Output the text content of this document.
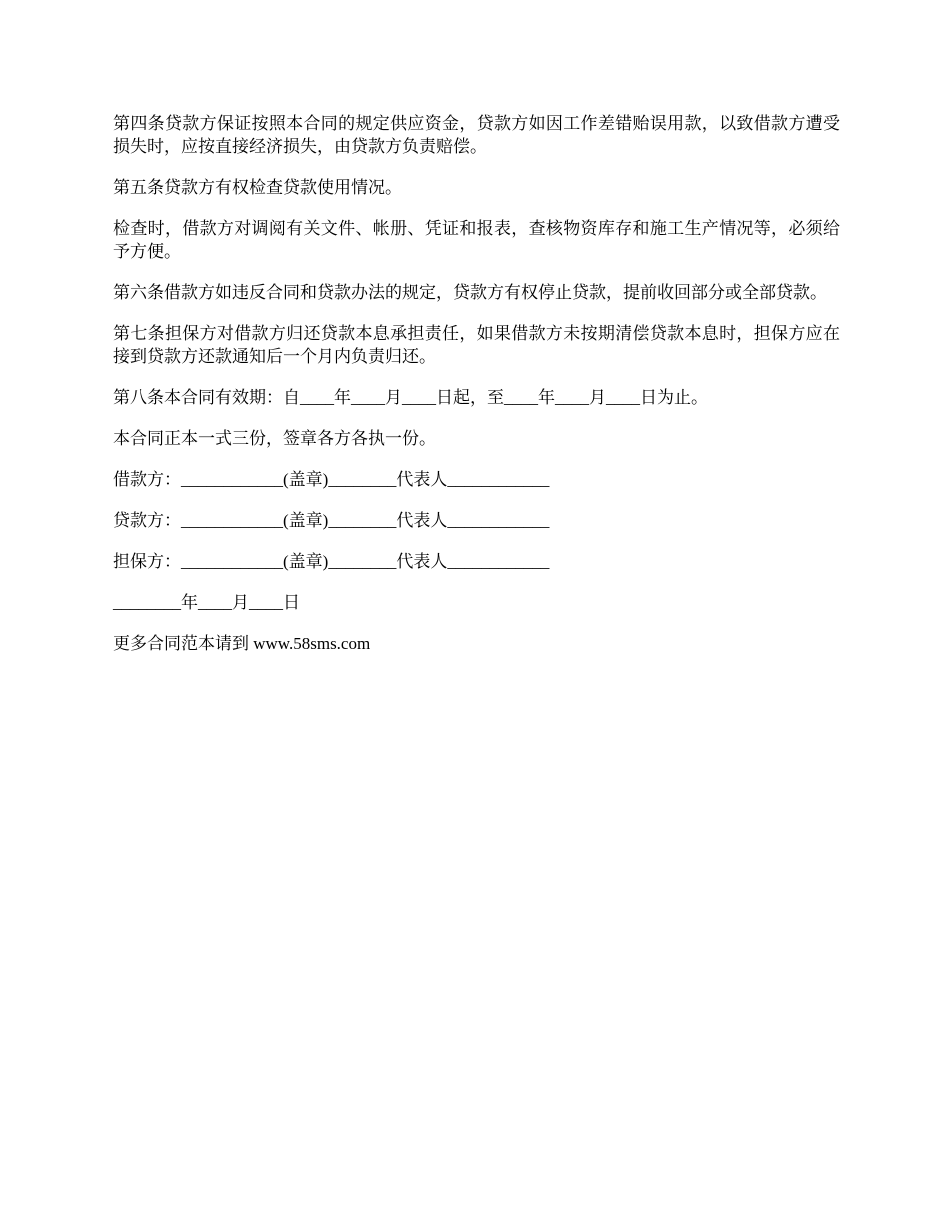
第四条贷款方保证按照本合同的规定供应资金，贷款方如因工作差错贻误用款，以致借款方遭受损失时，应按直接经济损失，由贷款方负责赔偿。

第五条贷款方有权检查贷款使用情况。

检查时，借款方对调阅有关文件、帐册、凭证和报表，查核物资库存和施工生产情况等，必须给予方便。

第六条借款方如违反合同和贷款办法的规定，贷款方有权停止贷款，提前收回部分或全部贷款。

第七条担保方对借款方归还贷款本息承担责任，如果借款方未按期清偿贷款本息时，担保方应在接到贷款方还款通知后一个月内负责归还。

第八条本合同有效期：自____年____月____日起，至____年____月____日为止。

本合同正本一式三份，签章各方各执一份。

借款方：____________(盖章)________代表人____________

贷款方：____________(盖章)________代表人____________

担保方：____________(盖章)________代表人____________

________年____月____日

更多合同范本请到 www.58sms.com
